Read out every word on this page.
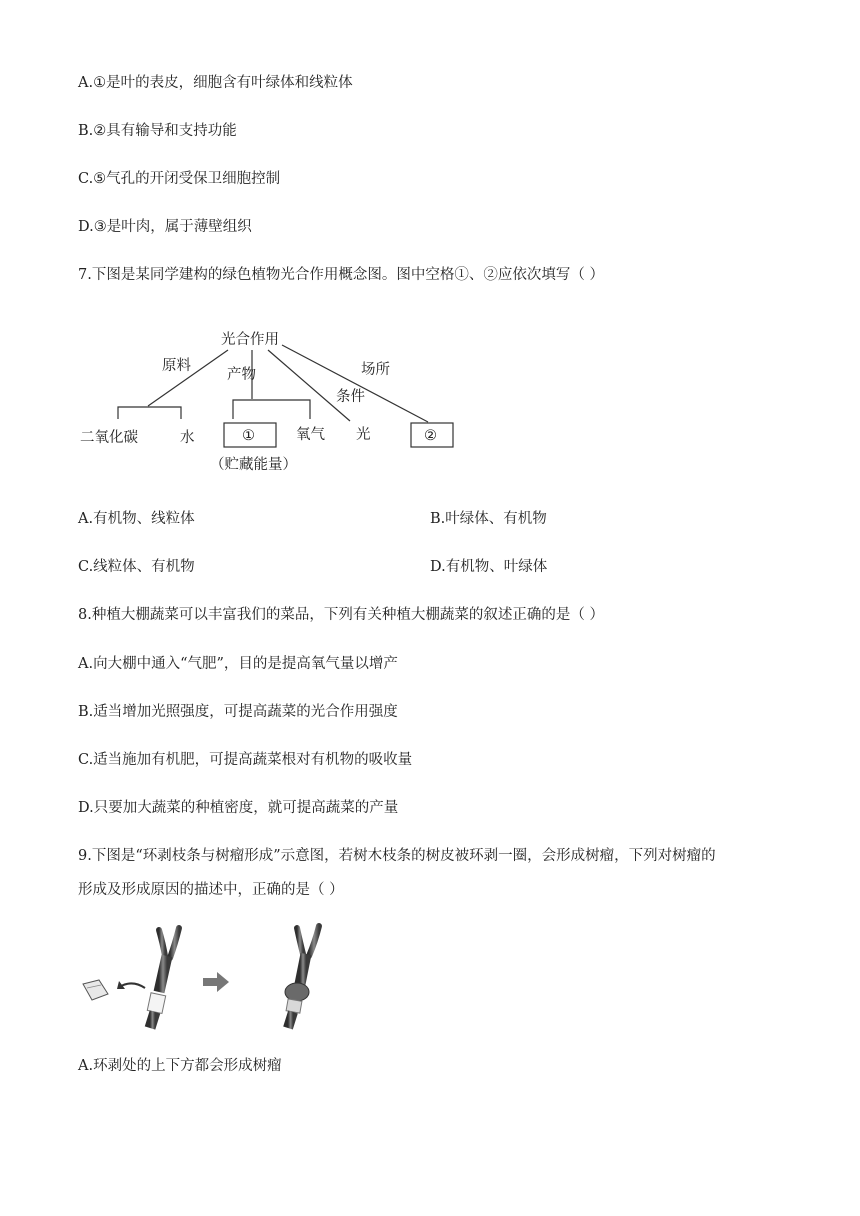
A.①是叶的表皮，细胞含有叶绿体和线粒体
B.②具有输导和支持功能
C.⑤气孔的开闭受保卫细胞控制
D.③是叶肉，属于薄壁组织
7.下图是某同学建构的绿色植物光合作用概念图。图中空格①、②应依次填写（ ）
光合作用
原料
产物
条件
场所
二氧化碳	水	①
（贮藏能量）
氧气 光	②
A.有机物、线粒体	B.叶绿体、有机物
C.线粒体、有机物	D.有机物、叶绿体
8.种植大棚蔬菜可以丰富我们的菜品，下列有关种植大棚蔬菜的叙述正确的是（ ）
A.向大棚中通入“气肥”，目的是提高氧气量以增产
B.适当增加光照强度，可提高蔬菜的光合作用强度
C.适当施加有机肥，可提高蔬菜根对有机物的吸收量
D.只要加大蔬菜的种植密度，就可提高蔬菜的产量
9.下图是“环剥枝条与树瘤形成”示意图，若树木枝条的树皮被环剥一圈，会形成树瘤，下列对树瘤的
形成及形成原因的描述中，正确的是（ ）
A.环剥处的上下方都会形成树瘤
